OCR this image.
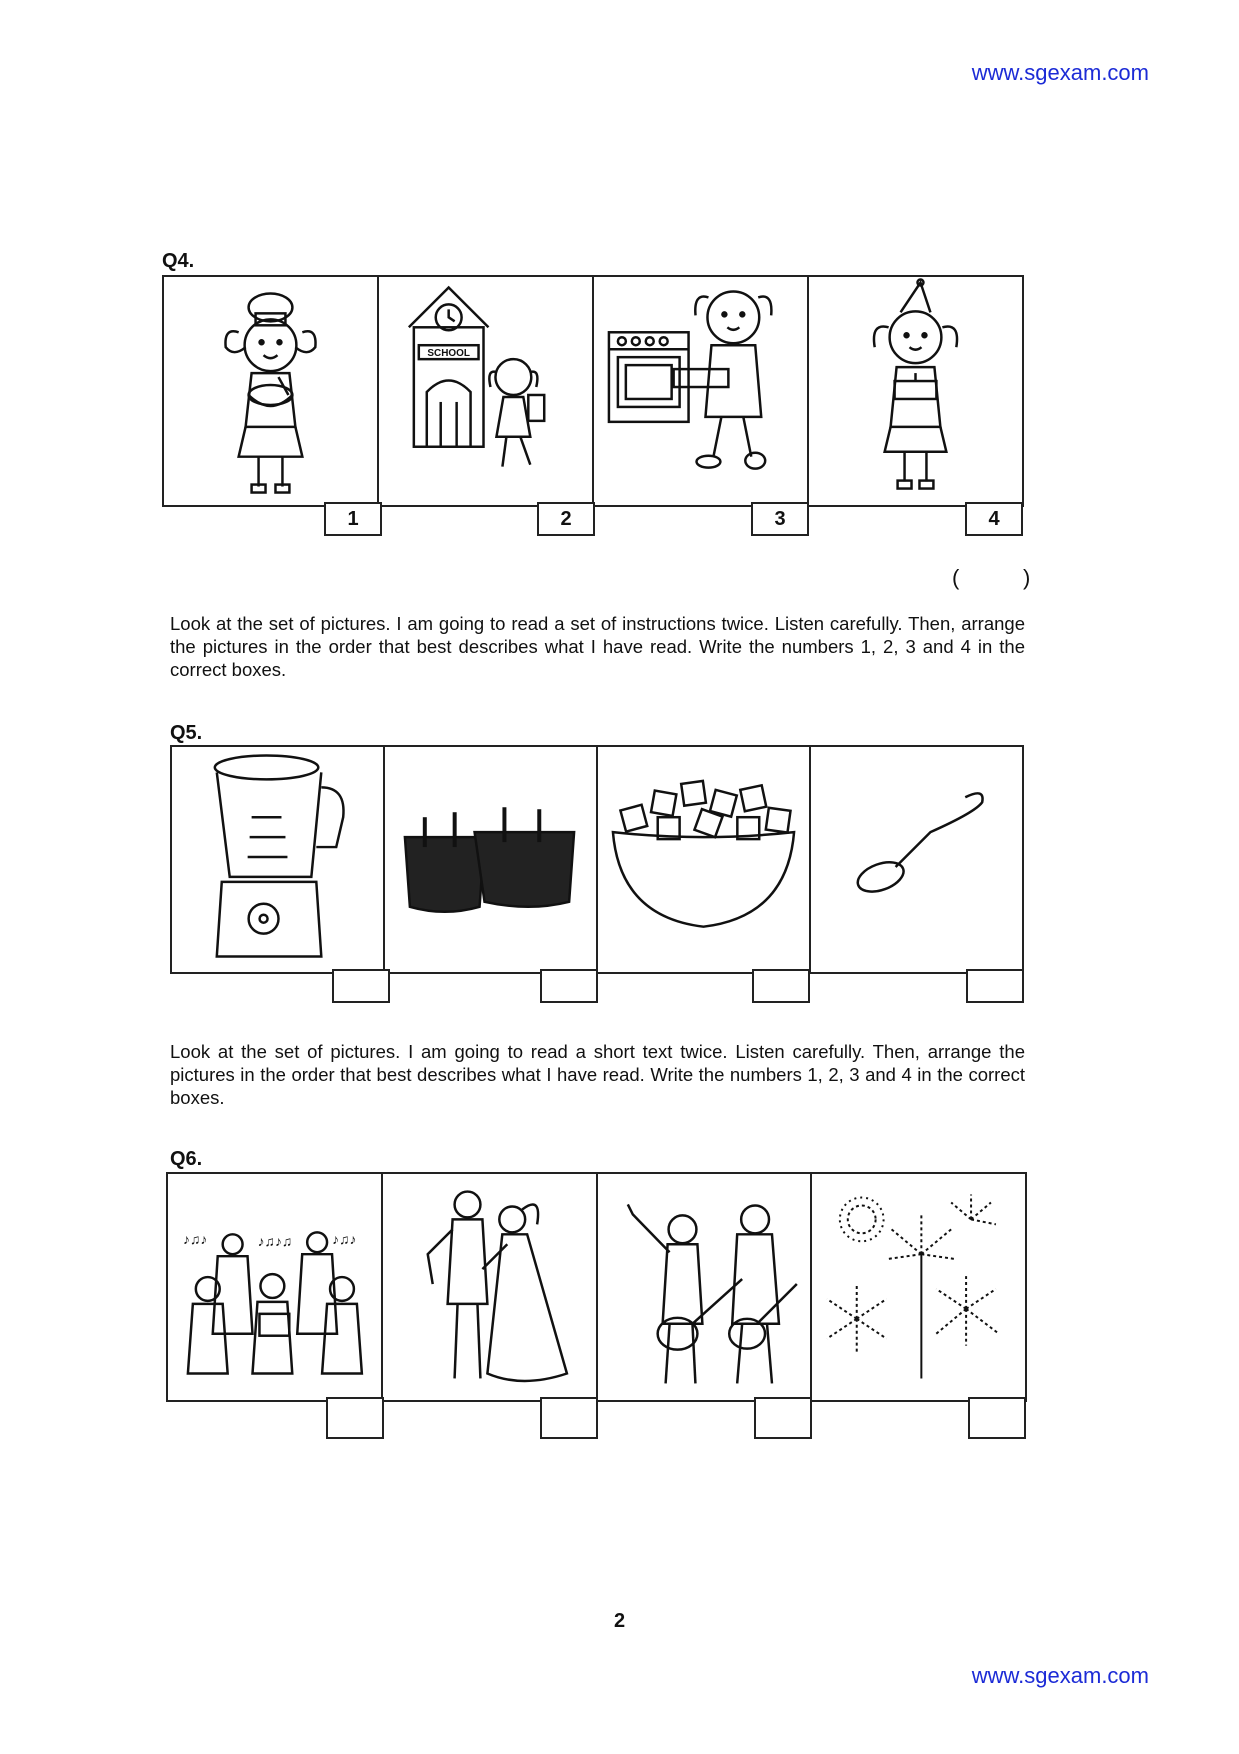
www.sgexam.com
Q4.
SCHOOL
1	2	3	4
(	)
Look at the set of pictures. I am going to read a set of instructions twice. Listen carefully. Then, arrange the pictures in the order that best describes what I have read. Write the numbers 1, 2, 3 and 4 in the correct boxes.
Q5.
Look at the set of pictures. I am going to read a short text twice. Listen carefully. Then, arrange the pictures in the order that best describes what I have read. Write the numbers 1, 2, 3 and 4 in the correct boxes.
Q6.
♪♫♪	♪♫♪♫	♪♫♪
2
www.sgexam.com
